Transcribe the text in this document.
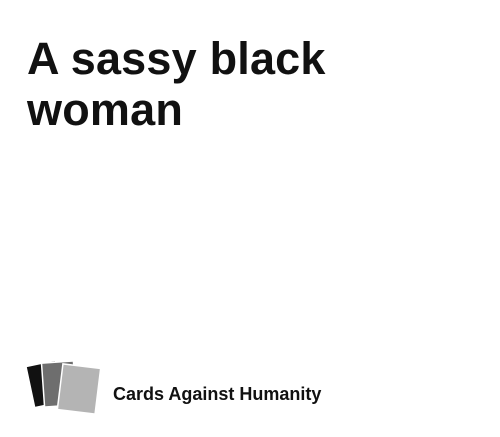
A sassy black woman
Cards Against Humanity
